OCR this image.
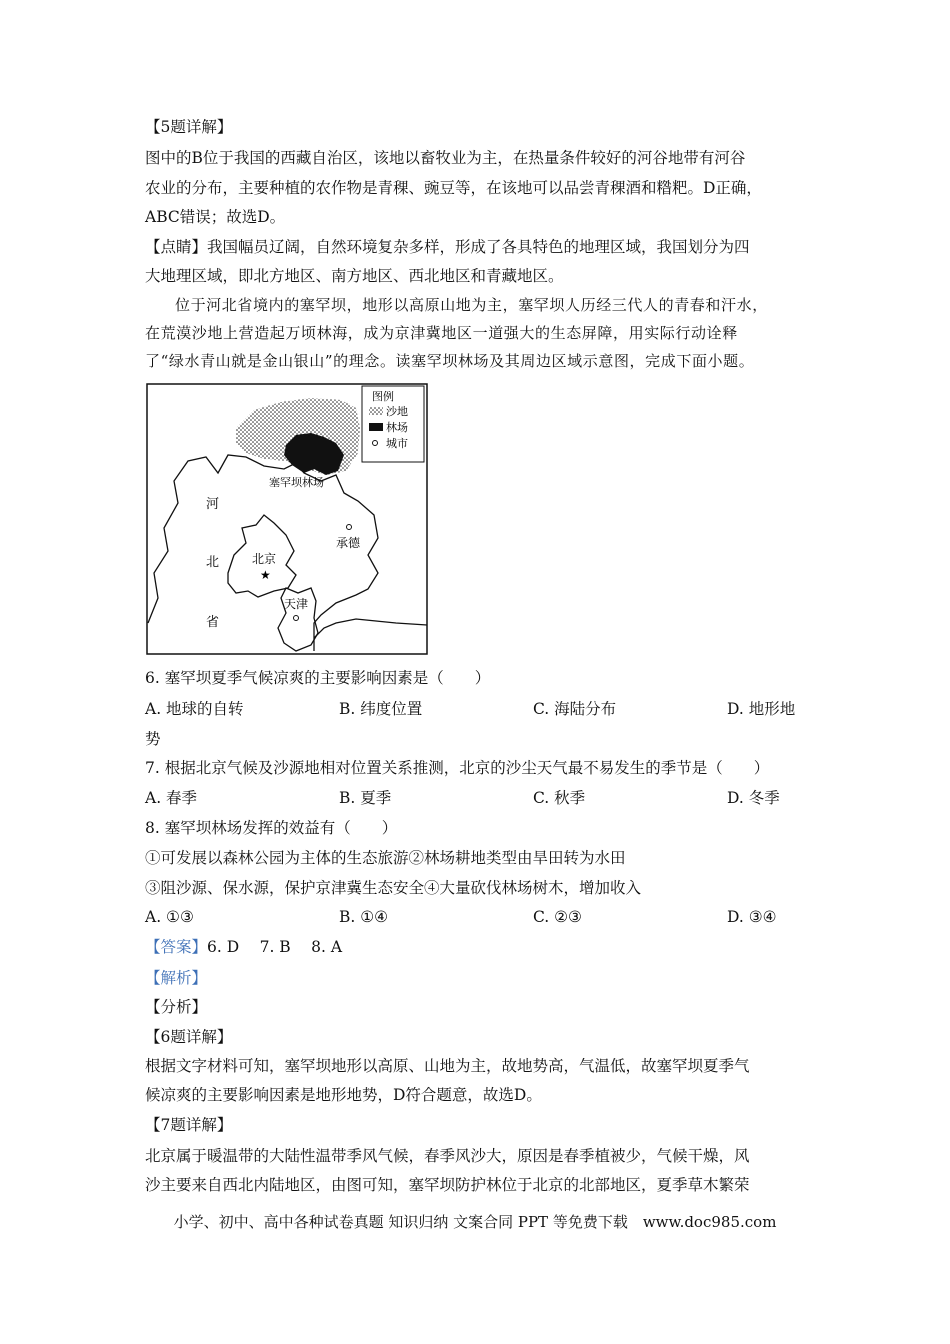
【5题详解】
图中的B位于我国的西藏自治区，该地以畜牧业为主，在热量条件较好的河谷地带有河谷
农业的分布，主要种植的农作物是青稞、豌豆等，在该地可以品尝青稞酒和糌粑。D正确，
ABC错误；故选D。
【点睛】我国幅员辽阔，自然环境复杂多样，形成了各具特色的地理区域，我国划分为四
大地理区域，即北方地区、南方地区、西北地区和青藏地区。
位于河北省境内的塞罕坝，地形以高原山地为主，塞罕坝人历经三代人的青春和汗水，
在荒漠沙地上营造起万顷林海，成为京津冀地区一道强大的生态屏障，用实际行动诠释
了“绿水青山就是金山银山”的理念。读塞罕坝林场及其周边区域示意图，完成下面小题。
图例
沙地
林场
城市
塞罕坝林场
河
北
省
承德
北京
★
天津
6. 塞罕坝夏季气候凉爽的主要影响因素是（　　）
A. 地球的自转	B. 纬度位置	C. 海陆分布	D. 地形地
势
7. 根据北京气候及沙源地相对位置关系推测，北京的沙尘天气最不易发生的季节是（　　）
A. 春季	B. 夏季	C. 秋季	D. 冬季
8. 塞罕坝林场发挥的效益有（　　）
①可发展以森林公园为主体的生态旅游②林场耕地类型由旱田转为水田
③阻沙源、保水源，保护京津冀生态安全④大量砍伐林场树木，增加收入
A. ①③	B. ①④	C. ②③	D. ③④
【答案】6. D　 7. B　 8. A
【解析】
【分析】
【6题详解】
根据文字材料可知，塞罕坝地形以高原、山地为主，故地势高，气温低，故塞罕坝夏季气
候凉爽的主要影响因素是地形地势，D符合题意，故选D。
【7题详解】
北京属于暖温带的大陆性温带季风气候，春季风沙大，原因是春季植被少，气候干燥，风
沙主要来自西北内陆地区，由图可知，塞罕坝防护林位于北京的北部地区，夏季草木繁荣
小学、初中、高中各种试卷真题 知识归纳 文案合同 PPT 等免费下载　www.doc985.com
